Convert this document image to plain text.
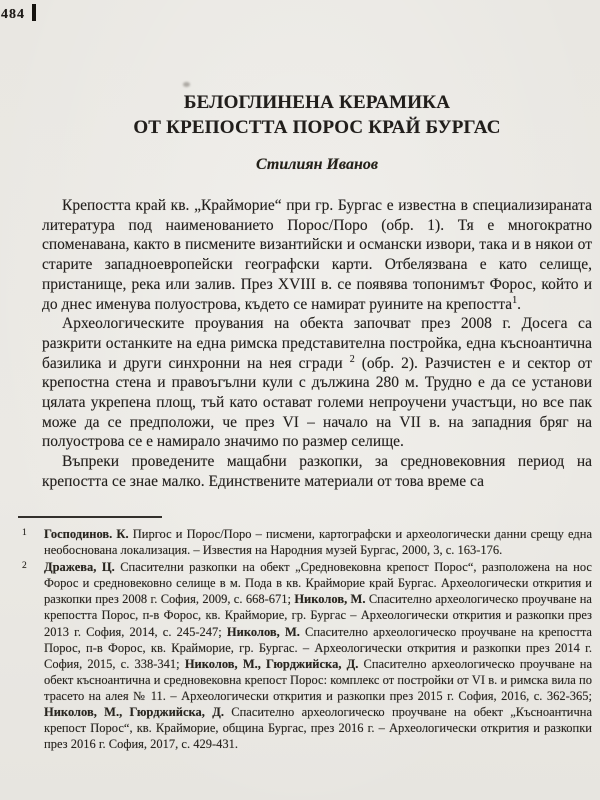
484
БЕЛОГЛИНЕНА КЕРАМИКА
ОТ КРЕПОСТТА ПОРОС КРАЙ БУРГАС
Стилиян Иванов

Крепостта край кв. „Крайморие“ при гр. Бургас е известна в специализираната литература под наименованието Порос/Поро (обр. 1). Тя е многократно споменавана, както в писмените византийски и османски извори, така и в някои от старите западноевропейски географски карти. Отбелязвана е като селище, пристанище, река или залив. През XVIII в. се появява топонимът Форос, който и до днес именува полуострова, където се намират руините на крепостта$^1$.

Археологическите проувания на обекта започват през 2008 г. Досега са разкрити останките на една римска представителна постройка, една късноантична базилика и други синхронни на нея сгради $^2$ (обр. 2). Разчистен е и сектор от крепостна стена и правоъгълни кули с дължина 280 м. Трудно е да се установи цялата укрепена площ, тъй като остават големи непроучени участъци, но все пак може да се предположи, че през VI – начало на VII в. на западния бряг на полуострова се е намирало значимо по размер селище.

Въпреки проведените мащабни разкопки, за средновековния период на крепостта се знае малко. Единствените материали от това време са

1 Господинов. К. Пиргос и Порос/Поро – писмени, картографски и археологически данни срещу една необоснована локализация. – Известия на Народния музей Бургас, 2000, 3, с. 163-176.
2 Дражева, Ц. Спасителни разкопки на обект „Средновековна крепост Порос“, разположена на нос Форос и средновековно селище в м. Пода в кв. Крайморие край Бургас. Археологически открития и разкопки през 2008 г. София, 2009, с. 668-671; Николов, М. Спасително археологическо проучване на крепостта Порос, п-в Форос, кв. Крайморие, гр. Бургас – Археологически открития и разкопки през 2013 г. София, 2014, с. 245-247; Николов, М. Спасително археологическо проучване на крепостта Порос, п-в Форос, кв. Крайморие, гр. Бургас. – Археологически открития и разкопки през 2014 г. София, 2015, с. 338-341; Николов, М., Гюрджийска, Д. Спасително археологическо проучване на обект късноантична и средновековна крепост Порос: комплекс от постройки от VI в. и римска вила по трасето на алея № 11. – Археологически открития и разкопки през 2015 г. София, 2016, с. 362-365; Николов, М., Гюрджийска, Д. Спасително археологическо проучване на обект „Късноантична крепост Порос“, кв. Крайморие, община Бургас, през 2016 г. – Археологически открития и разкопки през 2016 г. София, 2017, с. 429-431.
